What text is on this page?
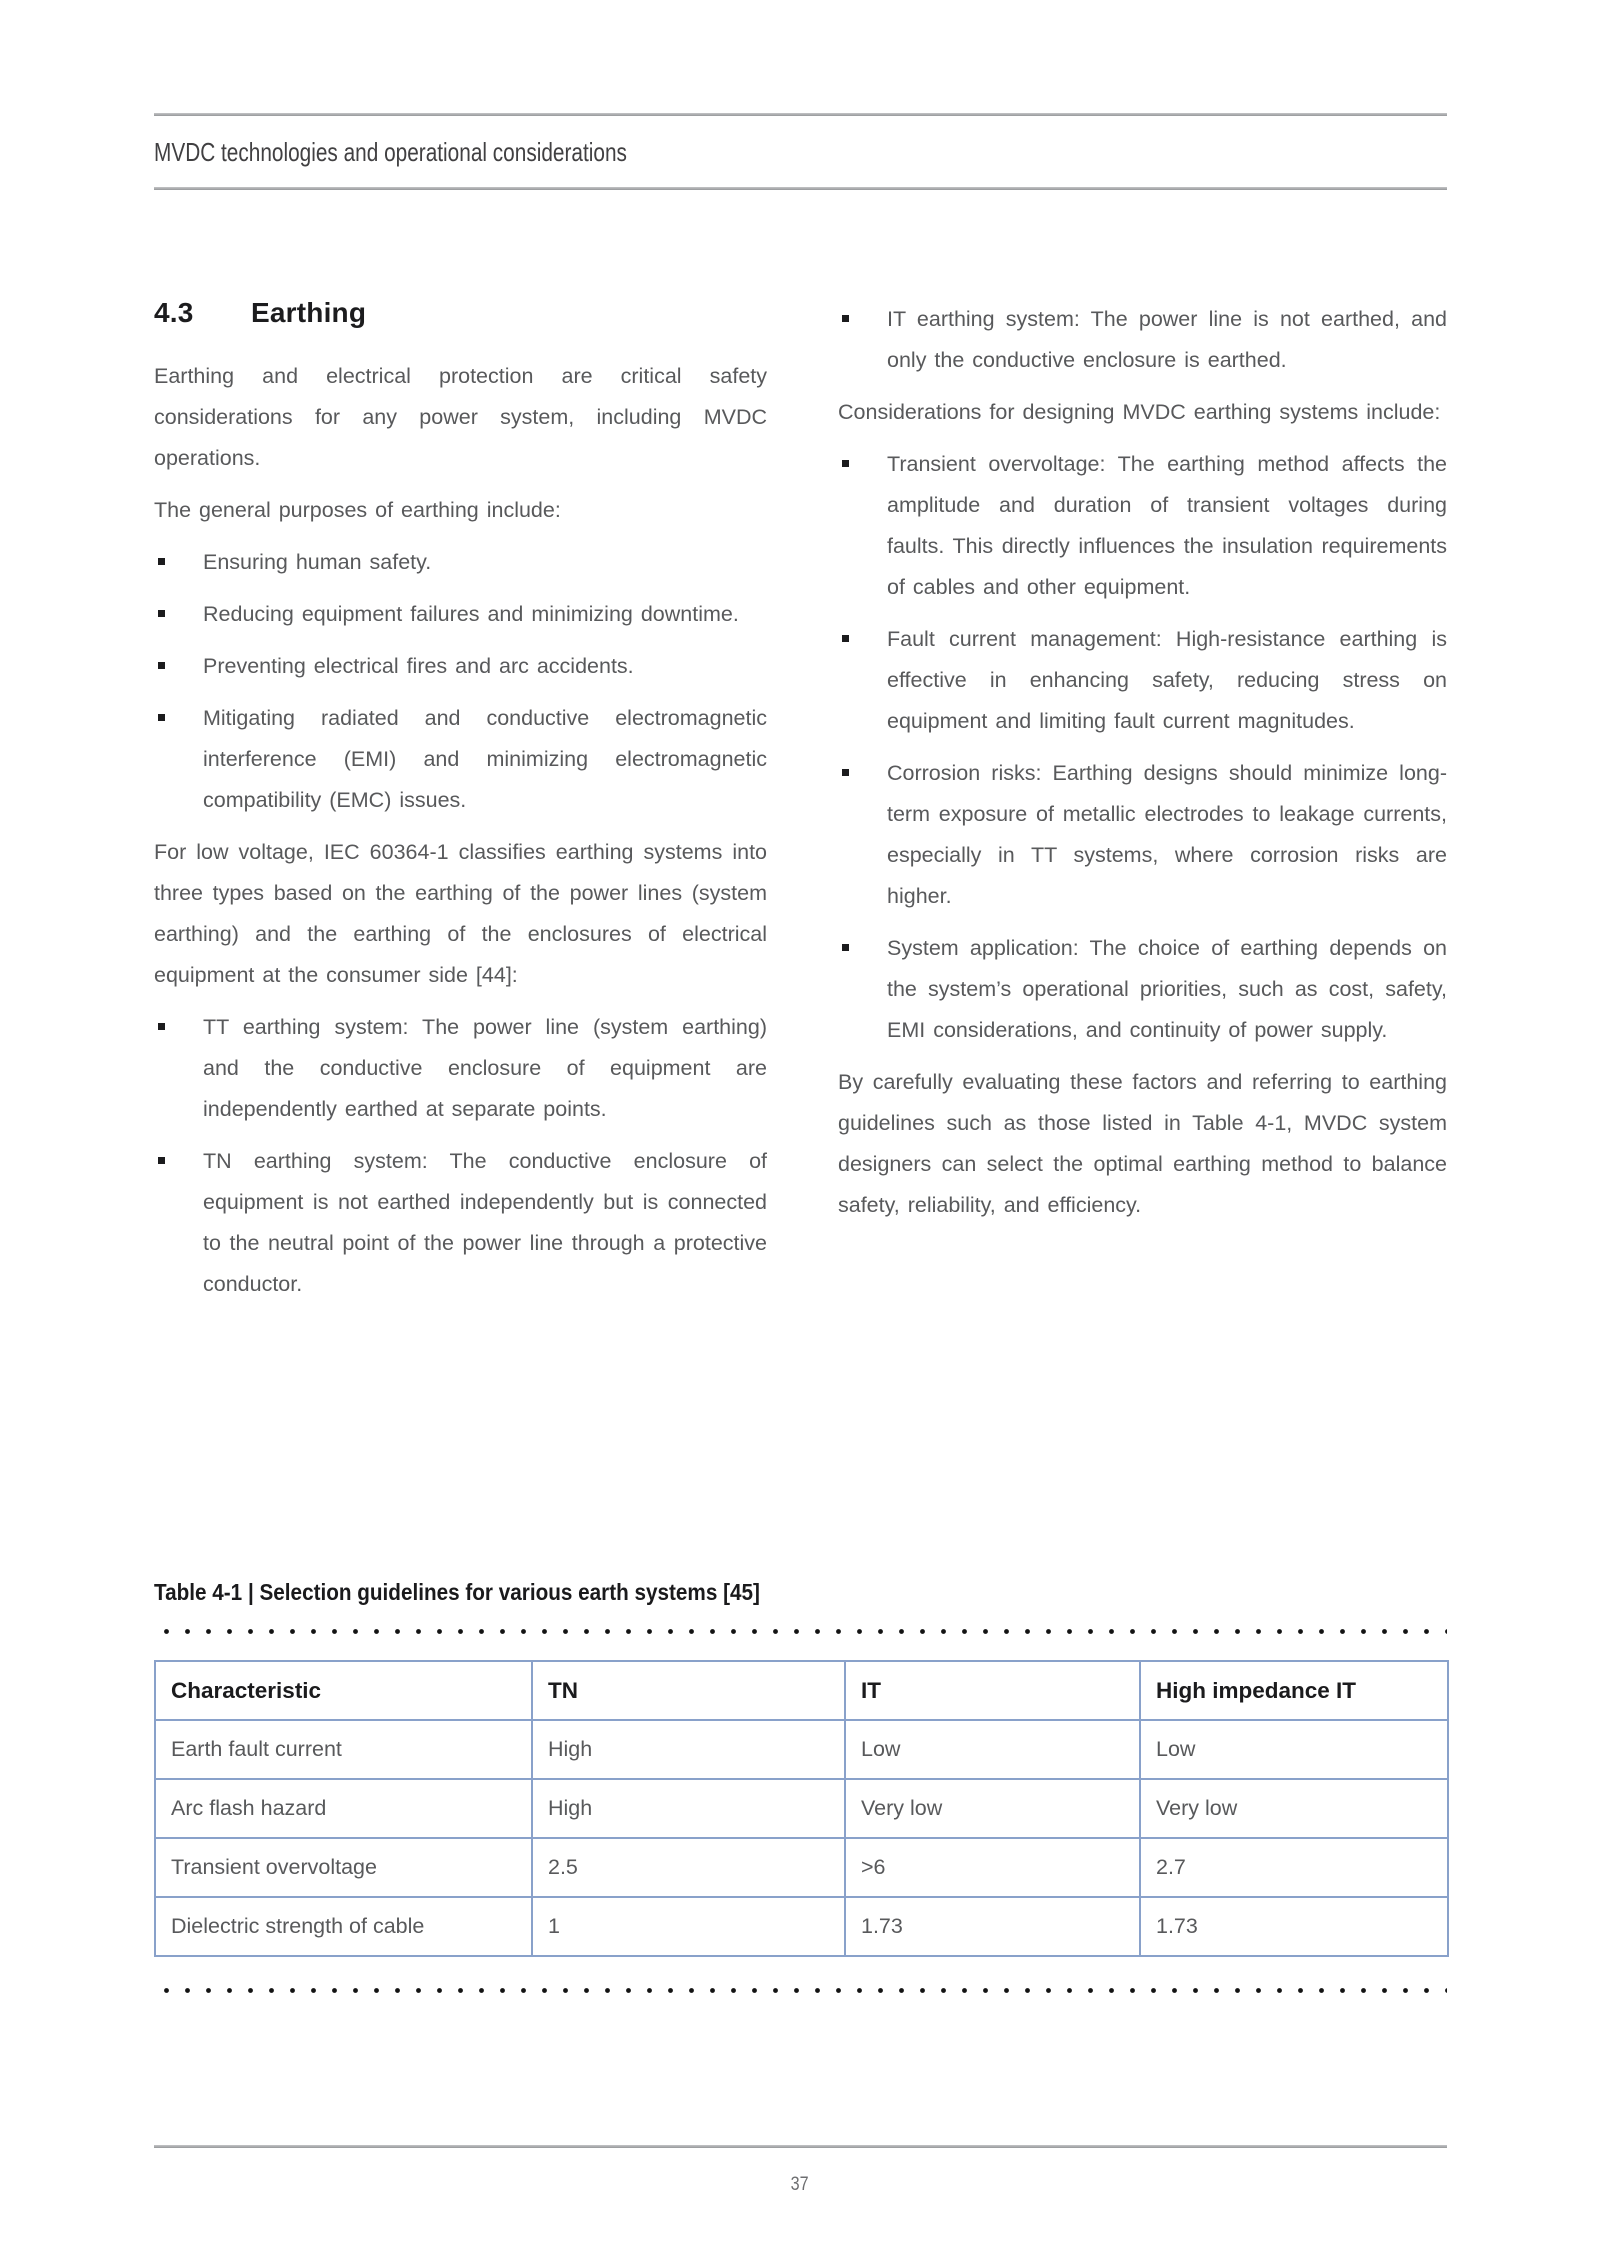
MVDC technologies and operational considerations
4.3 Earthing

Earthing and electrical protection are critical safety considerations for any power system, including MVDC operations.

The general purposes of earthing include:

Ensuring human safety.
Reducing equipment failures and minimizing downtime.
Preventing electrical fires and arc accidents.
Mitigating radiated and conductive electromagnetic interference (EMI) and minimizing electromagnetic compatibility (EMC) issues.

For low voltage, IEC 60364-1 classifies earthing systems into three types based on the earthing of the power lines (system earthing) and the earthing of the enclosures of electrical equipment at the consumer side [44]:

TT earthing system: The power line (system earthing) and the conductive enclosure of equipment are independently earthed at separate points.
TN earthing system: The conductive enclosure of equipment is not earthed independently but is connected to the neutral point of the power line through a protective conductor.
IT earthing system: The power line is not earthed, and only the conductive enclosure is earthed.

Considerations for designing MVDC earthing systems include:

Transient overvoltage: The earthing method affects the amplitude and duration of transient voltages during faults. This directly influences the insulation requirements of cables and other equipment.
Fault current management: High-resistance earthing is effective in enhancing safety, reducing stress on equipment and limiting fault current magnitudes.
Corrosion risks: Earthing designs should minimize long-term exposure of metallic electrodes to leakage currents, especially in TT systems, where corrosion risks are higher.
System application: The choice of earthing depends on the system’s operational priorities, such as cost, safety, EMI considerations, and continuity of power supply.

By carefully evaluating these factors and referring to earthing guidelines such as those listed in Table 4-1, MVDC system designers can select the optimal earthing method to balance safety, reliability, and efficiency.

Table 4-1 | Selection guidelines for various earth systems [45]
Characteristic	TN	IT	High impedance IT
Earth fault current	High	Low	Low
Arc flash hazard	High	Very low	Very low
Transient overvoltage	2.5	>6	2.7
Dielectric strength of cable	1	1.73	1.73
37
